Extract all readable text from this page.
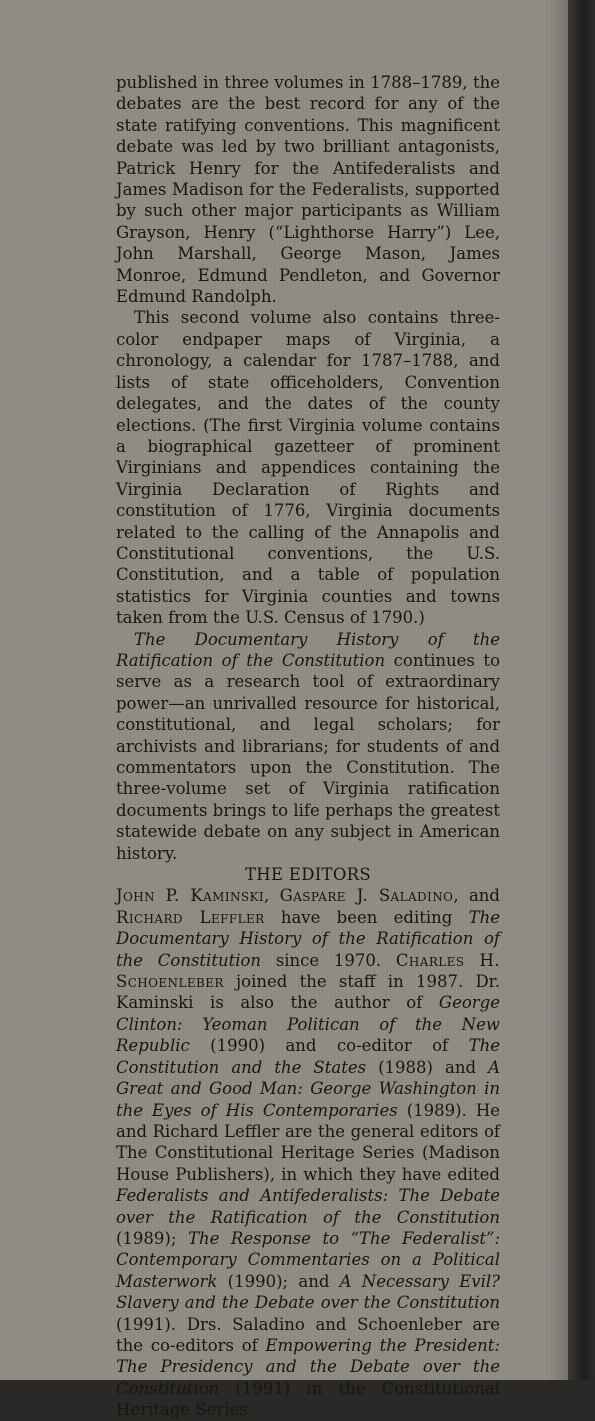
published in three volumes in 1788–1789, the debates are the best record for any of the state ratifying conventions. This magnificent debate was led by two brilliant antagonists, Patrick Henry for the Antifederalists and James Madison for the Federalists, supported by such other major participants as William Grayson, Henry (“Lighthorse Harry”) Lee, John Marshall, George Mason, James Monroe, Edmund Pendleton, and Governor Edmund Randolph.

This second volume also contains three-color endpaper maps of Virginia, a chronology, a calendar for 1787–1788, and lists of state officeholders, Convention delegates, and the dates of the county elections. (The first Virginia volume contains a biographical gazetteer of prominent Virginians and appendices containing the Virginia Declaration of Rights and constitution of 1776, Virginia documents related to the calling of the Annapolis and Constitutional conventions, the U.S. Constitution, and a table of population statistics for Virginia counties and towns taken from the U.S. Census of 1790.)

The Documentary History of the Ratification of the Constitution continues to serve as a research tool of extraordinary power—an unrivalled resource for historical, constitutional, and legal scholars; for archivists and librarians; for students of and commentators upon the Constitution. The three-volume set of Virginia ratification documents brings to life perhaps the greatest statewide debate on any subject in American history.

THE EDITORS

John P. Kaminski, Gaspare J. Saladino, and Richard Leffler have been editing The Documentary History of the Ratification of the Constitution since 1970. Charles H. Schoenleber joined the staff in 1987. Dr. Kaminski is also the author of George Clinton: Yeoman Politican of the New Republic (1990) and co-editor of The Constitution and the States (1988) and A Great and Good Man: George Washington in the Eyes of His Contemporaries (1989). He and Richard Leffler are the general editors of The Constitutional Heritage Series (Madison House Publishers), in which they have edited Federalists and Antifederalists: The Debate over the Ratification of the Constitution (1989); The Response to “The Federalist”: Contemporary Commentaries on a Political Masterwork (1990); and A Necessary Evil? Slavery and the Debate over the Constitution (1991). Drs. Saladino and Schoenleber are the co-editors of Empowering the President: The Presidency and the Debate over the Constitution (1991) in the Constitutional Heritage Series.
